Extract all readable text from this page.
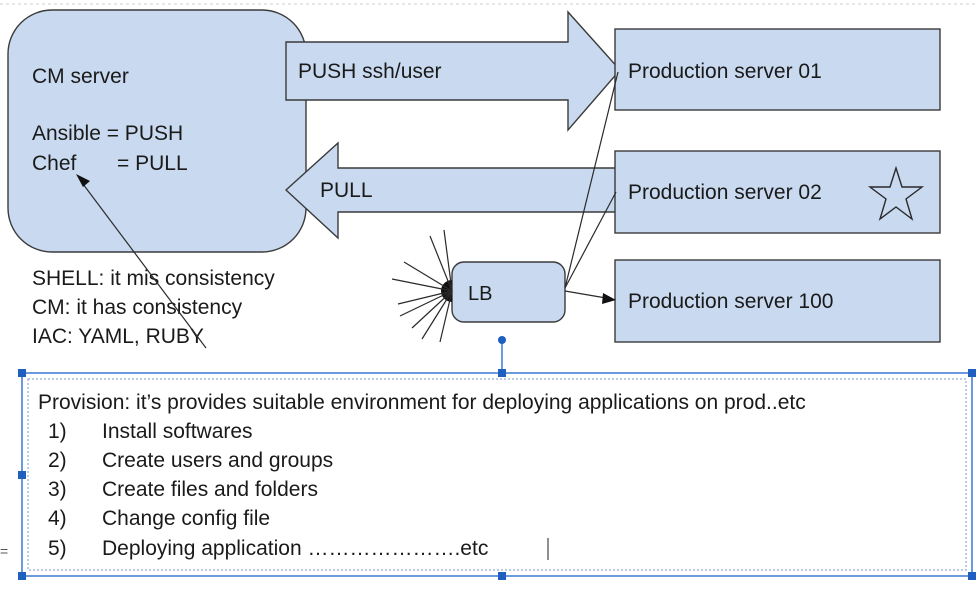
CM server
Ansible = PUSH
Chef = PULL
PUSH ssh/user
PULL
Production server 01
Production server 02
Production server 100
LB
SHELL: it mis consistency
CM: it has consistency
IAC: YAML, RUBY
=
Provision: it’s provides suitable environment for deploying applications on prod..etc
1) Install softwares
2) Create users and groups
3) Create files and folders
4) Change config file
5) Deploying application ………………….etc
